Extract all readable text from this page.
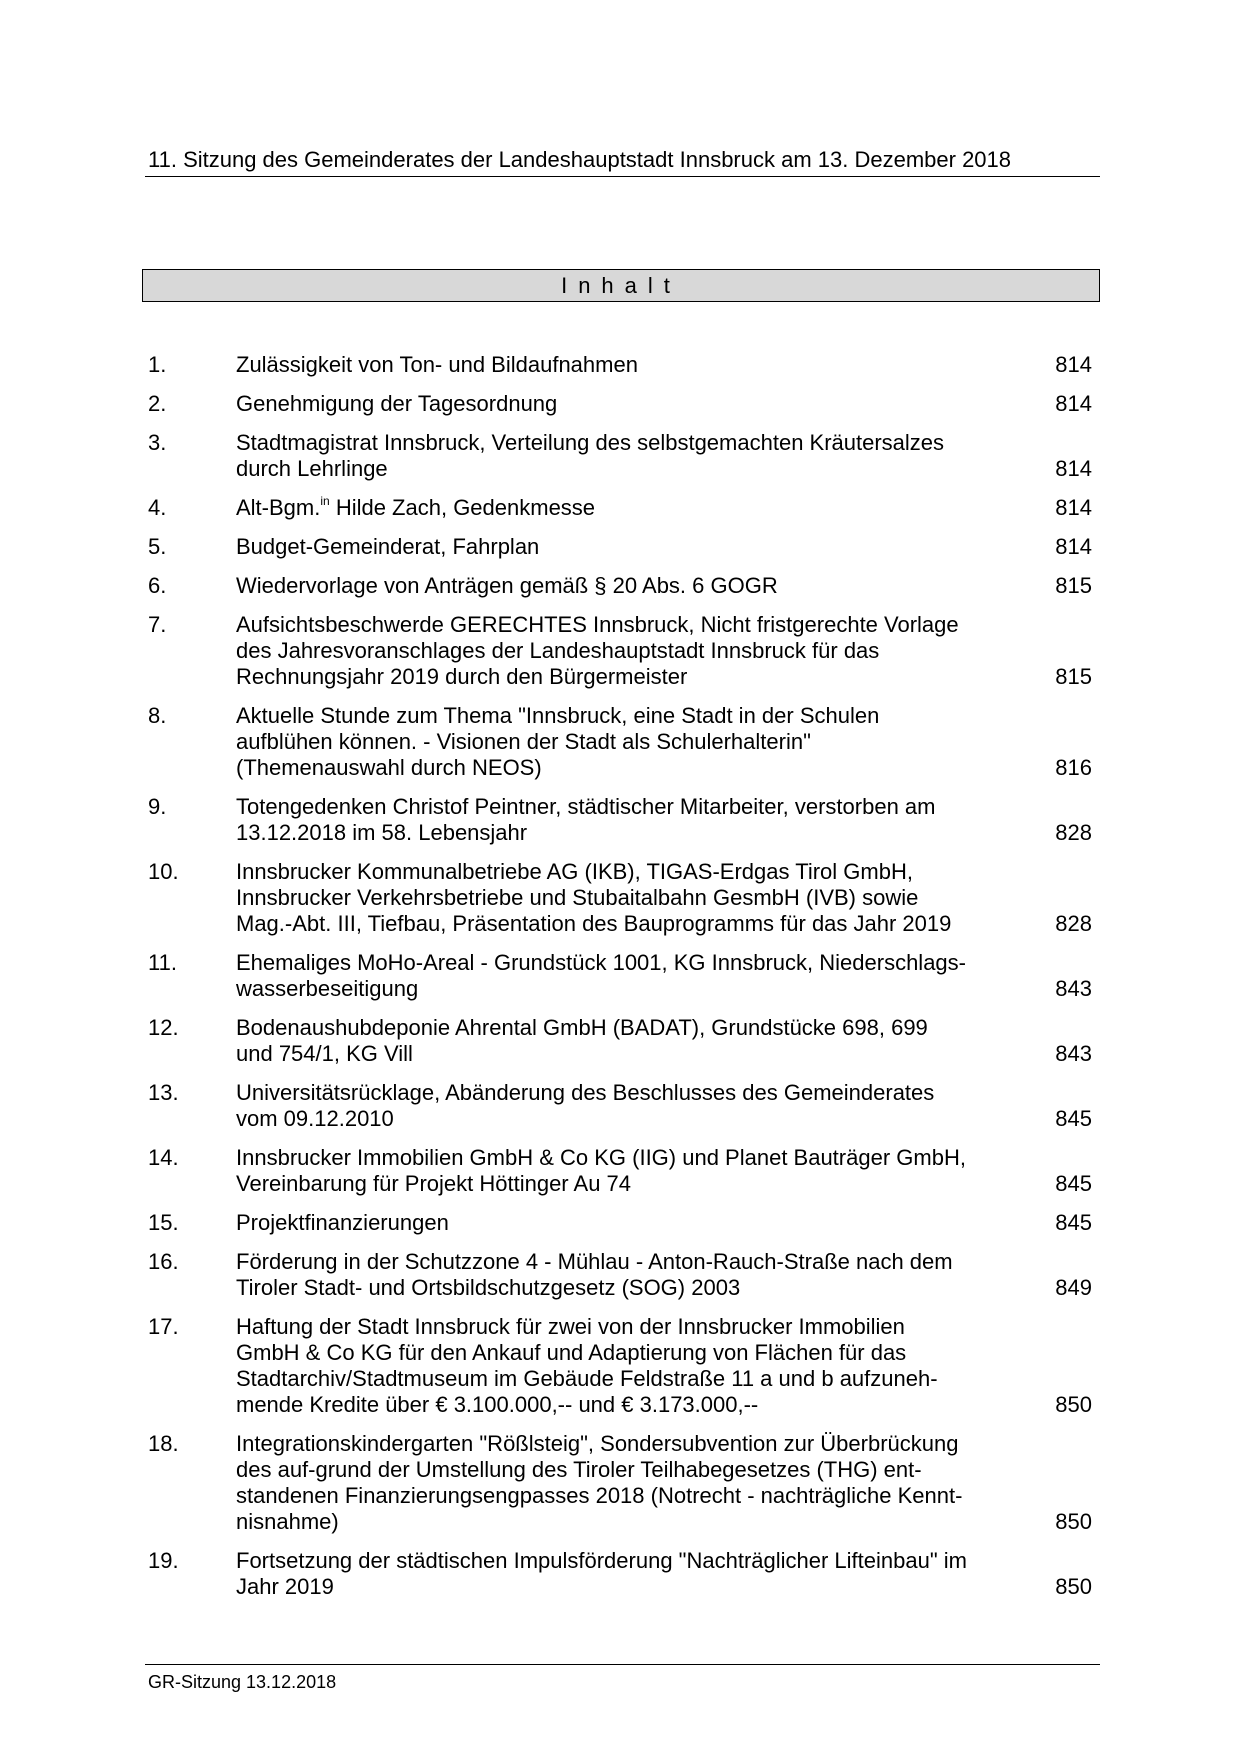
11. Sitzung des Gemeinderates der Landeshauptstadt Innsbruck am 13. Dezember 2018
Inhalt
1.	Zulässigkeit von Ton- und Bildaufnahmen	814
2.	Genehmigung der Tagesordnung	814
3.	Stadtmagistrat Innsbruck, Verteilung des selbstgemachten Kräutersalzes
durch Lehrlinge	814
4.	Alt-Bgm.$^{in}$ Hilde Zach, Gedenkmesse	814
5.	Budget-Gemeinderat, Fahrplan	814
6.	Wiedervorlage von Anträgen gemäß § 20 Abs. 6 GOGR	815
7.	Aufsichtsbeschwerde GERECHTES Innsbruck, Nicht fristgerechte Vorlage
des Jahresvoranschlages der Landeshauptstadt Innsbruck für das
Rechnungsjahr 2019 durch den Bürgermeister	815
8.	Aktuelle Stunde zum Thema "Innsbruck, eine Stadt in der Schulen
aufblühen können. - Visionen der Stadt als Schulerhalterin"
(Themenauswahl durch NEOS)	816
9.	Totengedenken Christof Peintner, städtischer Mitarbeiter, verstorben am
13.12.2018 im 58. Lebensjahr	828
10.	Innsbrucker Kommunalbetriebe AG (IKB), TIGAS-Erdgas Tirol GmbH,
Innsbrucker Verkehrsbetriebe und Stubaitalbahn GesmbH (IVB) sowie
Mag.-Abt. III, Tiefbau, Präsentation des Bauprogramms für das Jahr 2019	828
11.	Ehemaliges MoHo-Areal - Grundstück 1001, KG Innsbruck, Niederschlags-
wasserbeseitigung	843
12.	Bodenaushubdeponie Ahrental GmbH (BADAT), Grundstücke 698, 699
und 754/1, KG Vill	843
13.	Universitätsrücklage, Abänderung des Beschlusses des Gemeinderates
vom 09.12.2010	845
14.	Innsbrucker Immobilien GmbH & Co KG (IIG) und Planet Bauträger GmbH,
Vereinbarung für Projekt Höttinger Au 74	845
15.	Projektfinanzierungen	845
16.	Förderung in der Schutzzone 4 - Mühlau - Anton-Rauch-Straße nach dem
Tiroler Stadt- und Ortsbildschutzgesetz (SOG) 2003	849
17.	Haftung der Stadt Innsbruck für zwei von der Innsbrucker Immobilien
GmbH & Co KG für den Ankauf und Adaptierung von Flächen für das
Stadtarchiv/Stadtmuseum im Gebäude Feldstraße 11 a und b aufzuneh-
mende Kredite über € 3.100.000,-- und € 3.173.000,--	850
18.	Integrationskindergarten "Rößlsteig", Sondersubvention zur Überbrückung
des auf-grund der Umstellung des Tiroler Teilhabegesetzes (THG) ent-
standenen Finanzierungsengpasses 2018 (Notrecht - nachträgliche Kennt-
nisnahme)	850
19.	Fortsetzung der städtischen Impulsförderung "Nachträglicher Lifteinbau" im
Jahr 2019	850
GR-Sitzung 13.12.2018
